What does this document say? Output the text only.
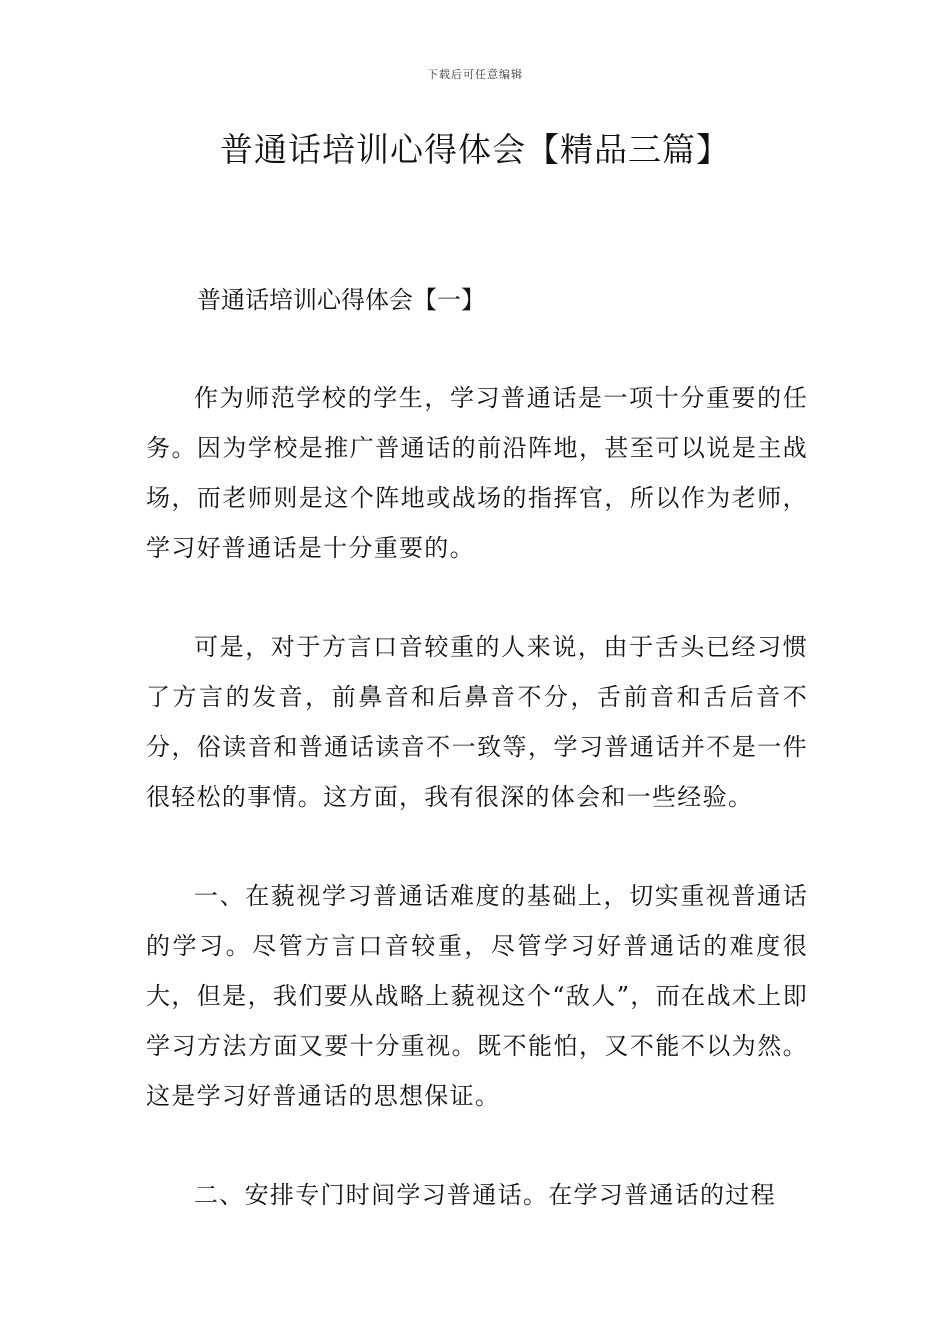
下载后可任意编辑
普通话培训心得体会【精品三篇】
普通话培训心得体会【一】

作为师范学校的学生，学习普通话是一项十分重要的任务。因为学校是推广普通话的前沿阵地，甚至可以说是主战场，而老师则是这个阵地或战场的指挥官，所以作为老师，学习好普通话是十分重要的。

可是，对于方言口音较重的人来说，由于舌头已经习惯了方言的发音，前鼻音和后鼻音不分，舌前音和舌后音不分，俗读音和普通话读音不一致等，学习普通话并不是一件很轻松的事情。这方面，我有很深的体会和一些经验。

一、在藐视学习普通话难度的基础上，切实重视普通话的学习。尽管方言口音较重，尽管学习好普通话的难度很大，但是，我们要从战略上藐视这个“敌人”，而在战术上即学习方法方面又要十分重视。既不能怕，又不能不以为然。这是学习好普通话的思想保证。

二、安排专门时间学习普通话。在学习普通话的过程
